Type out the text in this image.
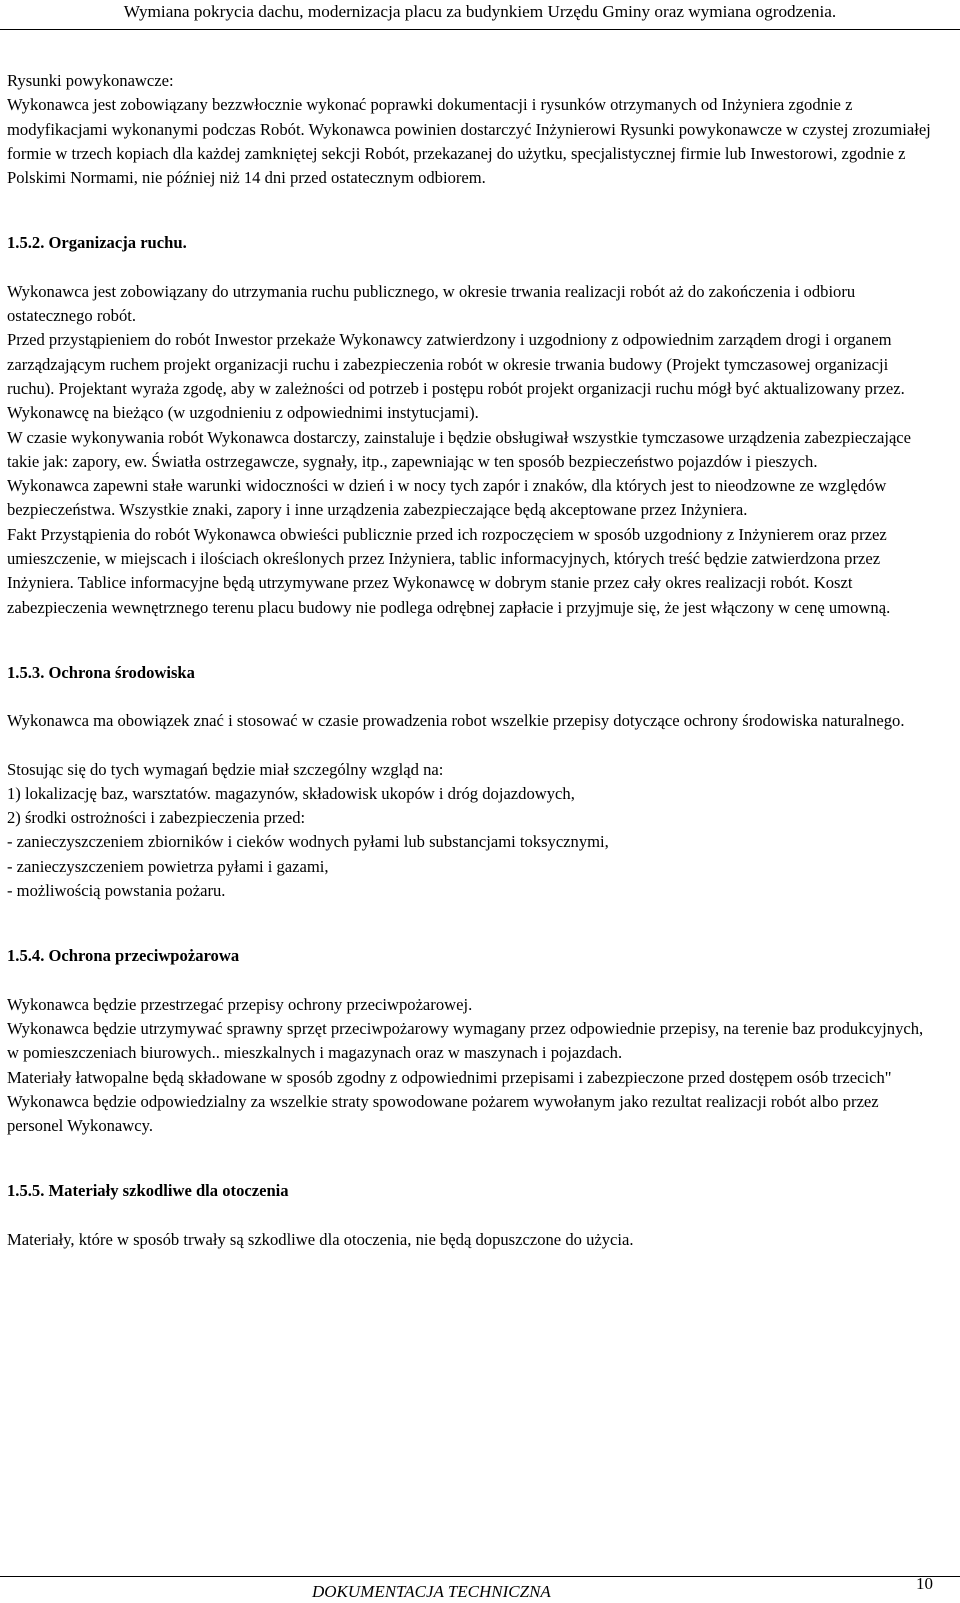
Wymiana pokrycia dachu, modernizacja placu za budynkiem Urzędu Gminy oraz wymiana ogrodzenia.

Rysunki powykonawcze:

Wykonawca jest zobowiązany bezzwłocznie wykonać poprawki dokumentacji i rysunków otrzymanych od Inżyniera zgodnie z modyfikacjami wykonanymi podczas Robót. Wykonawca powinien dostarczyć Inżynierowi Rysunki powykonawcze w czystej zrozumiałej formie w trzech kopiach dla każdej zamkniętej sekcji Robót, przekazanej do użytku, specjalistycznej firmie lub Inwestorowi, zgodnie z Polskimi Normami, nie później niż 14 dni przed ostatecznym odbiorem.

1.5.2. Organizacja ruchu.

Wykonawca jest zobowiązany do utrzymania ruchu publicznego, w okresie trwania realizacji robót aż do zakończenia i odbioru ostatecznego robót.

Przed przystąpieniem do robót Inwestor przekaże Wykonawcy zatwierdzony i uzgodniony z odpowiednim zarządem drogi i organem zarządzającym ruchem projekt organizacji ruchu i zabezpieczenia robót w okresie trwania budowy (Projekt tymczasowej organizacji ruchu). Projektant wyraża zgodę, aby w zależności od potrzeb i postępu robót projekt organizacji ruchu mógł być aktualizowany przez. Wykonawcę na bieżąco (w uzgodnieniu z odpowiednimi instytucjami).

W czasie wykonywania robót Wykonawca dostarczy, zainstaluje i będzie obsługiwał wszystkie tymczasowe urządzenia zabezpieczające takie jak: zapory, ew. Światła ostrzegawcze, sygnały, itp., zapewniając w ten sposób bezpieczeństwo pojazdów i pieszych.

Wykonawca zapewni stałe warunki widoczności w dzień i w nocy tych zapór i znaków, dla których jest to nieodzowne ze względów bezpieczeństwa. Wszystkie znaki, zapory i inne urządzenia zabezpieczające będą akceptowane przez Inżyniera.

Fakt Przystąpienia do robót Wykonawca obwieści publicznie przed ich rozpoczęciem w sposób uzgodniony z Inżynierem oraz przez umieszczenie, w miejscach i ilościach określonych przez Inżyniera, tablic informacyjnych, których treść będzie zatwierdzona przez Inżyniera. Tablice informacyjne będą utrzymywane przez Wykonawcę w dobrym stanie przez cały okres realizacji robót. Koszt zabezpieczenia wewnętrznego terenu placu budowy nie podlega odrębnej zapłacie i przyjmuje się, że jest włączony w cenę umowną.

1.5.3. Ochrona środowiska

Wykonawca ma obowiązek znać i stosować w czasie prowadzenia robot wszelkie przepisy dotyczące ochrony środowiska naturalnego.

Stosując się do tych wymagań będzie miał szczególny wzgląd na:

1) lokalizację baz, warsztatów. magazynów, składowisk ukopów i dróg dojazdowych,

2) środki ostrożności i zabezpieczenia przed:

- zanieczyszczeniem zbiorników i cieków wodnych pyłami lub substancjami toksycznymi,

- zanieczyszczeniem powietrza pyłami i gazami,

- możliwością powstania pożaru.

1.5.4. Ochrona przeciwpożarowa

Wykonawca będzie przestrzegać przepisy ochrony przeciwpożarowej.

Wykonawca będzie utrzymywać sprawny sprzęt przeciwpożarowy wymagany przez odpowiednie przepisy, na terenie baz produkcyjnych, w pomieszczeniach biurowych.. mieszkalnych i magazynach oraz w maszynach i pojazdach.

Materiały łatwopalne będą składowane w sposób zgodny z odpowiednimi przepisami i zabezpieczone przed dostępem osób trzecich" Wykonawca będzie odpowiedzialny za wszelkie straty spowodowane pożarem wywołanym jako rezultat realizacji robót albo przez personel Wykonawcy.

1.5.5. Materiały szkodliwe dla otoczenia

Materiały, które w sposób trwały są szkodliwe dla otoczenia, nie będą dopuszczone do użycia.

DOKUMENTACJA TECHNICZNA	10
